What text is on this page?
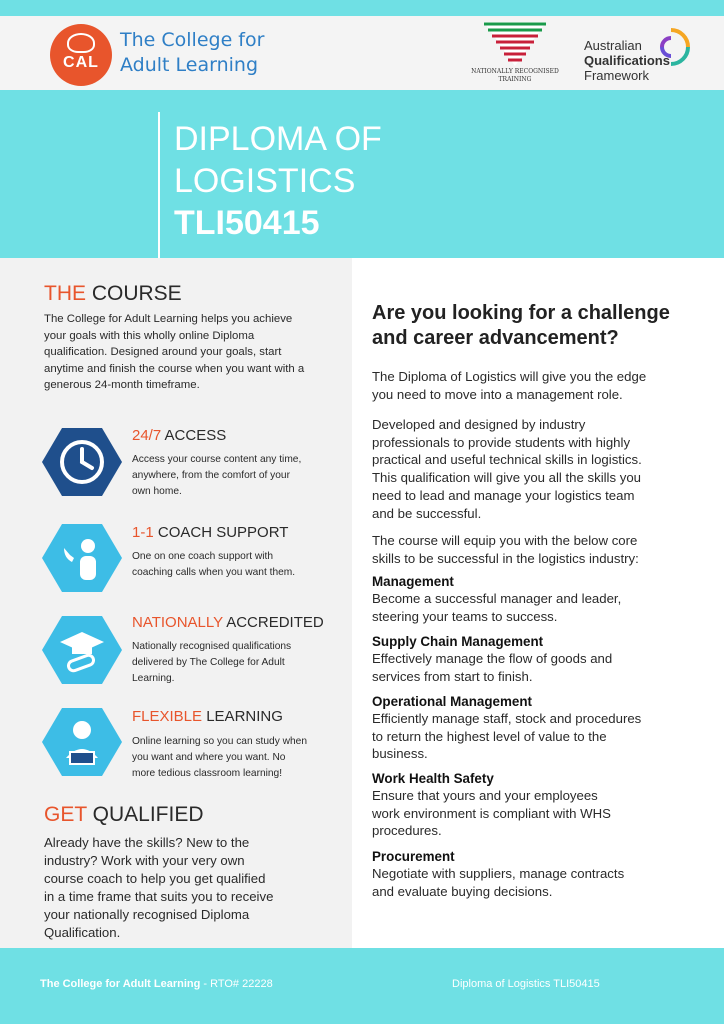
CAL
The College for
Adult Learning	NATIONALLY RECOGNISED
TRAINING
Australian
Qualifications
Framework
DIPLOMA OF
LOGISTICS
TLI50415
THE COURSE
The College for Adult Learning helps you achieve
your goals with this wholly online Diploma
qualification. Designed around your goals, start
anytime and finish the course when you want with a
generous 24-month timeframe.
24/7 ACCESS
Access your course content any time,
anywhere, from the comfort of your
own home.
1-1 COACH SUPPORT
One on one coach support with
coaching calls when you want them.
NATIONALLY ACCREDITED
Nationally recognised qualifications
delivered by The College for Adult
Learning.
FLEXIBLE LEARNING
Online learning so you can study when
you want and where you want. No
more tedious classroom learning!
GET QUALIFIED
Already have the skills? New to the
industry? Work with your very own
course coach to help you get qualified
in a time frame that suits you to receive
your nationally recognised Diploma
Qualification.
Are you looking for a challenge
and career advancement?
The Diploma of Logistics will give you the edge
you need to move into a management role.
Developed and designed by industry
professionals to provide students with highly
practical and useful technical skills in logistics.
This qualification will give you all the skills you
need to lead and manage your logistics team
and be successful.
The course will equip you with the below core
skills to be successful in the logistics industry:
Management
Become a successful manager and leader,
steering your teams to success.
Supply Chain Management
Effectively manage the flow of goods and
services from start to finish.
Operational Management
Efficiently manage staff, stock and procedures
to return the highest level of value to the
business.
Work Health Safety
Ensure that yours and your employees
work environment is compliant with WHS
procedures.
Procurement
Negotiate with suppliers, manage contracts
and evaluate buying decisions.
The College for Adult Learning - RTO# 22228	Diploma of Logistics TLI50415
